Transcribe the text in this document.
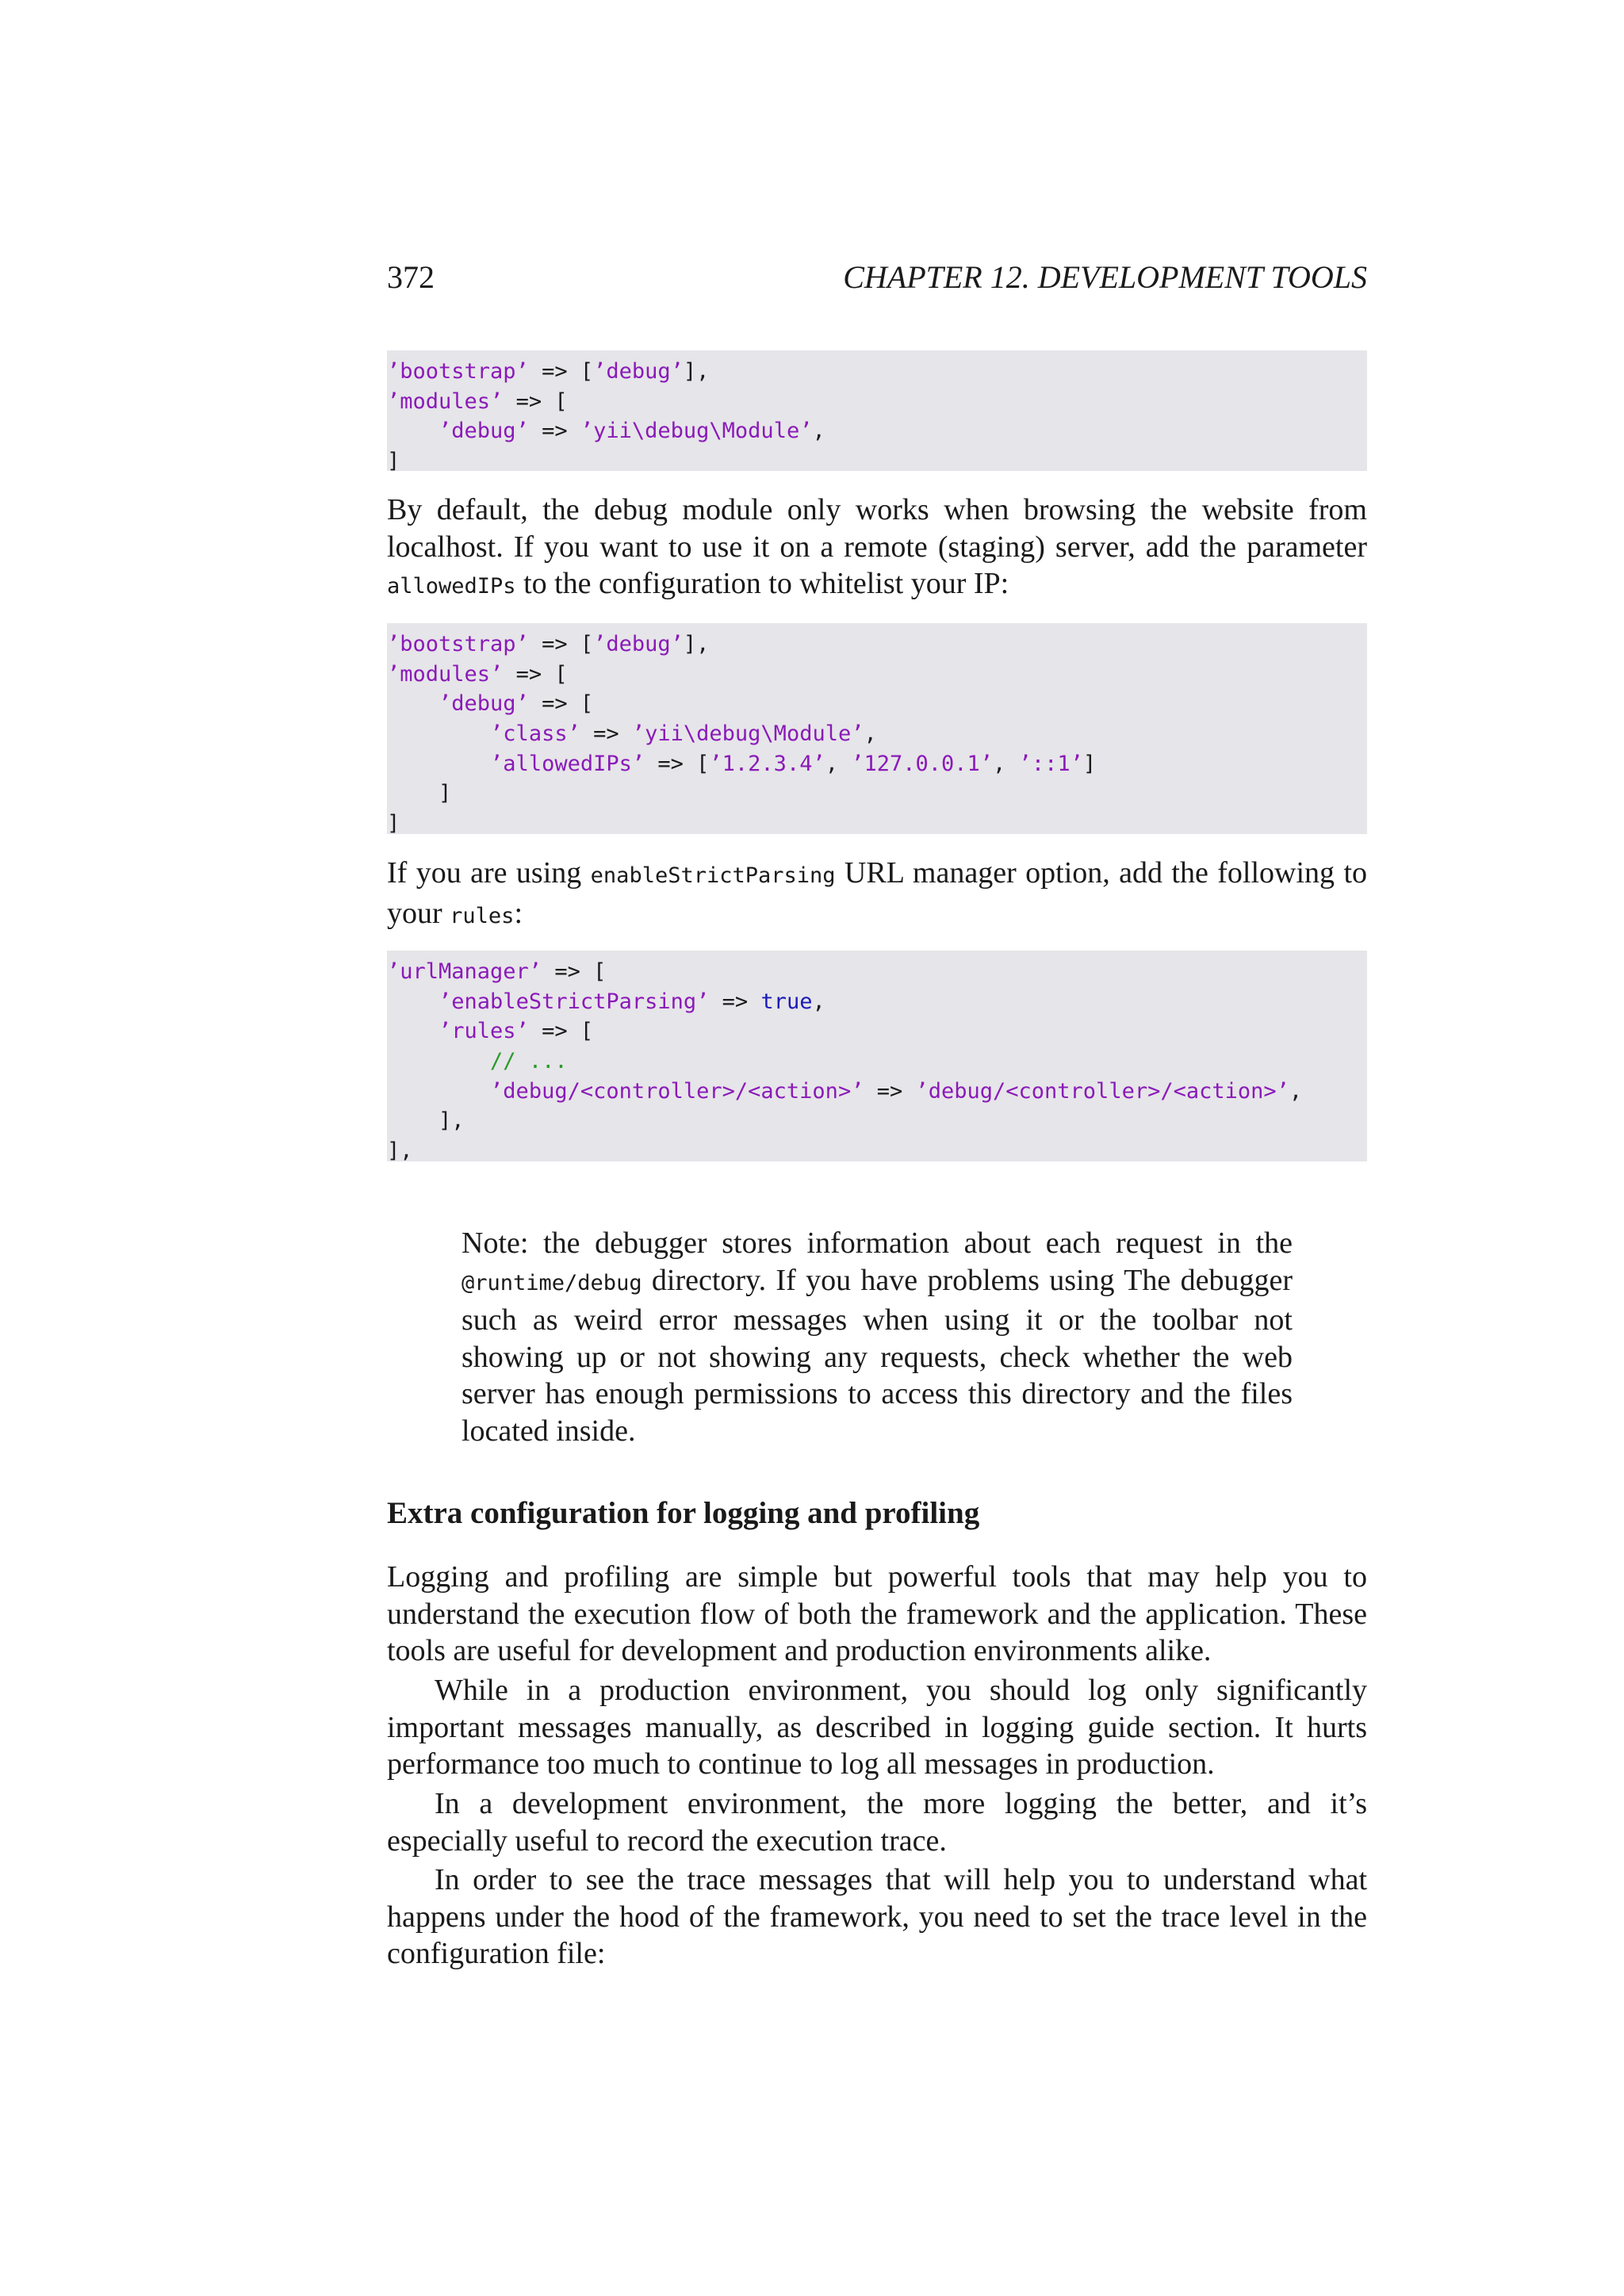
372	CHAPTER 12. DEVELOPMENT TOOLS
’bootstrap’ => [’debug’],
’modules’ => [
’debug’ => ’yii\debug\Module’,
]

By default, the debug module only works when browsing the website from localhost. If you want to use it on a remote (staging) server, add the parameter allowedIPs to the configuration to whitelist your IP:

’bootstrap’ => [’debug’],
’modules’ => [
’debug’ => [
’class’ => ’yii\debug\Module’,
’allowedIPs’ => [’1.2.3.4’, ’127.0.0.1’, ’::1’]
]
]

If you are using enableStrictParsing URL manager option, add the following to your rules:

’urlManager’ => [
’enableStrictParsing’ => true,
’rules’ => [
// ...
’debug/<controller>/<action>’ => ’debug/<controller>/<action>’,
],
],

Note: the debugger stores information about each request in the @runtime/debug directory. If you have problems using The debugger such as weird error messages when using it or the toolbar not showing up or not showing any requests, check whether the web server has enough permissions to access this directory and the files located inside.

Extra configuration for logging and profiling

Logging and profiling are simple but powerful tools that may help you to understand the execution flow of both the framework and the application. These tools are useful for development and production environments alike.

While in a production environment, you should log only significantly important messages manually, as described in logging guide section. It hurts performance too much to continue to log all messages in production.

In a development environment, the more logging the better, and it’s especially useful to record the execution trace.

In order to see the trace messages that will help you to understand what happens under the hood of the framework, you need to set the trace level in the configuration file:
